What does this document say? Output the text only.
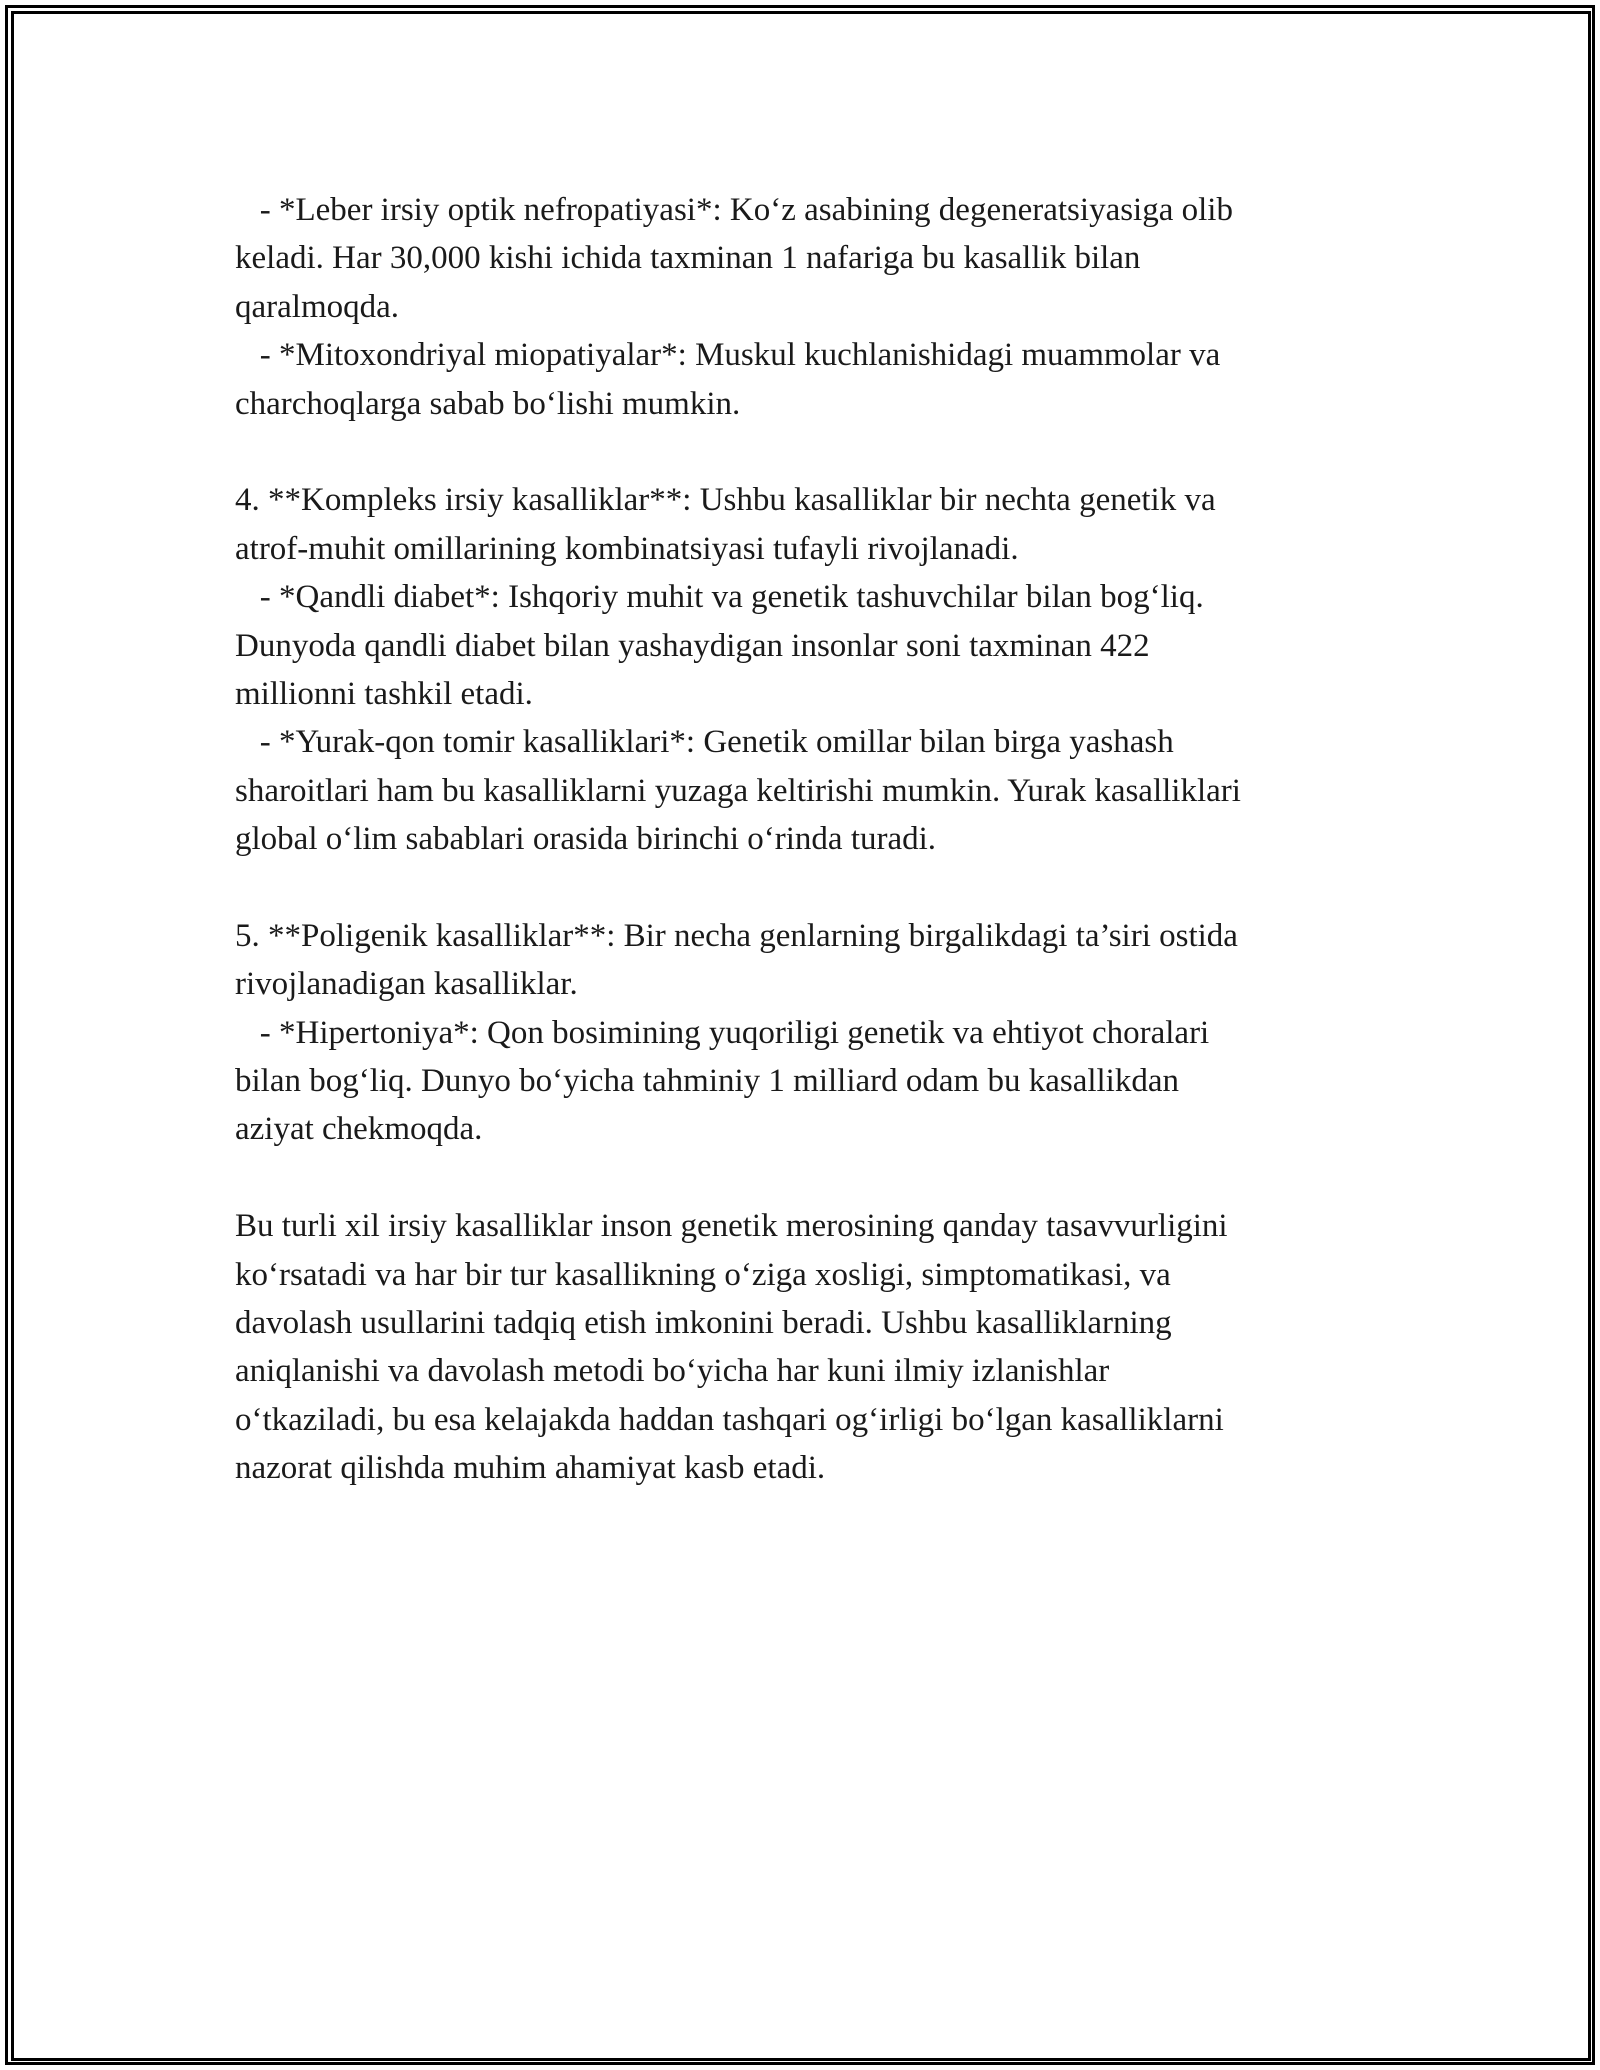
- *Leber irsiy optik nefropatiyasi*: Ko‘z asabining degeneratsiyasiga olib
keladi. Har 30,000 kishi ichida taxminan 1 nafariga bu kasallik bilan
qaralmoqda.
- *Mitoxondriyal miopatiyalar*: Muskul kuchlanishidagi muammolar va
charchoqlarga sabab bo‘lishi mumkin.
4. **Kompleks irsiy kasalliklar**: Ushbu kasalliklar bir nechta genetik va
atrof-muhit omillarining kombinatsiyasi tufayli rivojlanadi.
- *Qandli diabet*: Ishqoriy muhit va genetik tashuvchilar bilan bog‘liq.
Dunyoda qandli diabet bilan yashaydigan insonlar soni taxminan 422
millionni tashkil etadi.
- *Yurak-qon tomir kasalliklari*: Genetik omillar bilan birga yashash
sharoitlari ham bu kasalliklarni yuzaga keltirishi mumkin. Yurak kasalliklari
global o‘lim sabablari orasida birinchi o‘rinda turadi.
5. **Poligenik kasalliklar**: Bir necha genlarning birgalikdagi ta’siri ostida
rivojlanadigan kasalliklar.
- *Hipertoniya*: Qon bosimining yuqoriligi genetik va ehtiyot choralari
bilan bog‘liq. Dunyo bo‘yicha tahminiy 1 milliard odam bu kasallikdan
aziyat chekmoqda.
Bu turli xil irsiy kasalliklar inson genetik merosining qanday tasavvurligini
ko‘rsatadi va har bir tur kasallikning o‘ziga xosligi, simptomatikasi, va
davolash usullarini tadqiq etish imkonini beradi. Ushbu kasalliklarning
aniqlanishi va davolash metodi bo‘yicha har kuni ilmiy izlanishlar
o‘tkaziladi, bu esa kelajakda haddan tashqari og‘irligi bo‘lgan kasalliklarni
nazorat qilishda muhim ahamiyat kasb etadi.
